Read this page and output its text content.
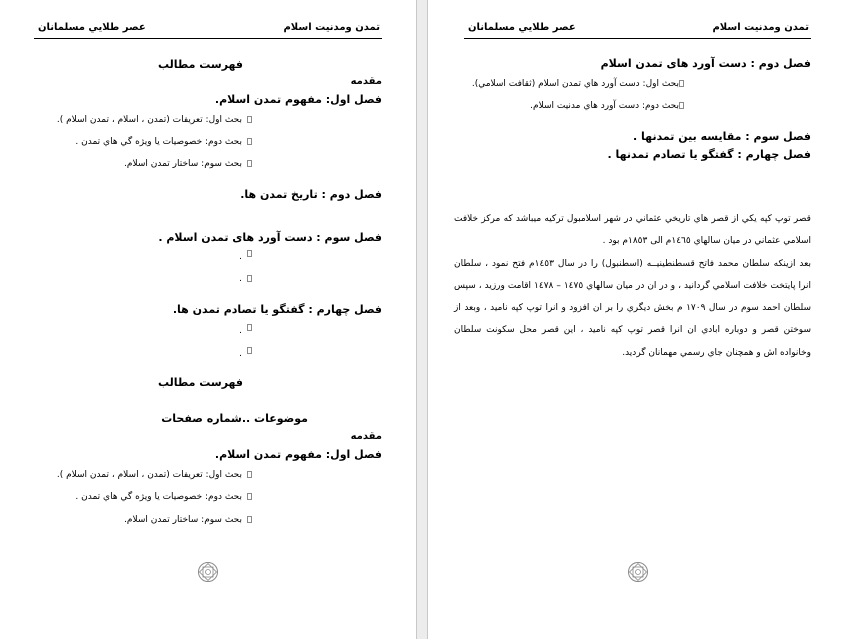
تمدن ومدنيت اسلام
عصر طلايي مسلمانان
فهرست مطالب
مقدمه
فصل اول: مفهوم تمدن اسلام.
بحث اول: تعريفات (تمدن ، اسلام ، تمدن اسلام ).
بحث دوم: خصوصيات يا ويژه گي هاي تمدن .
بحث سوم: ساختار تمدن اسلام.
فصل دوم : تاريخ تمدن ها.
فصل سوم : دست آورد های تمدن اسلام .
.
.
فصل چهارم : گفتگو يا تصادم تمدن ها.
.
.
فهرست مطالب
موضوعات ..شماره صفحات
مقدمه
فصل اول: مفهوم تمدن اسلام.
بحث اول: تعريفات (تمدن ، اسلام ، تمدن اسلام ).
بحث دوم: خصوصيات يا ويژه گي هاي تمدن .
بحث سوم: ساختار تمدن اسلام.
تمدن ومدنيت اسلام
عصر طلايي مسلمانان
فصل دوم : دست آورد هاى تمدن اسلام
بحث اول: دست آورد هاي تمدن اسلام (ثقافت اسلامي).
بحث دوم: دست آورد هاي مدنيت اسلام.
فصل سوم : مقايسه بين تمدنها .
فصل چهارم : گفتگو يا تصادم تمدنها .

قصر توپ كپه يكي از قصر هاي تاريخي عثماني در شهر اسلامبول تركيه ميباشد كه مركز خلافت اسلامي عثماني در ميان سالهاي ١٤٦٥م الى ١٨٥٣م بود .

بعد ازينكه سلطان محمد فاتح قسطنطينيــه (اسطنبول) را در سال ١٤٥٣م فتح نمود ، سلطان انرا پايتخت خلافت اسلامي گردانيد ، و در ان در ميان سالهاي ١٤٧٥ – ١٤٧٨ اقامت ورزيد ، سپس سلطان احمد سوم در سال ١٧٠٩ م بخش ديگري را بر ان افزود و انرا توپ كپه ناميد ، وبعد از سوختن قصر و دوباره ابادي ان انرا قصر توپ كپه ناميد ، اين قصر محل سكونت سلطان وخانواده اش و همچنان جاي رسمي مهمانان گرديد.
